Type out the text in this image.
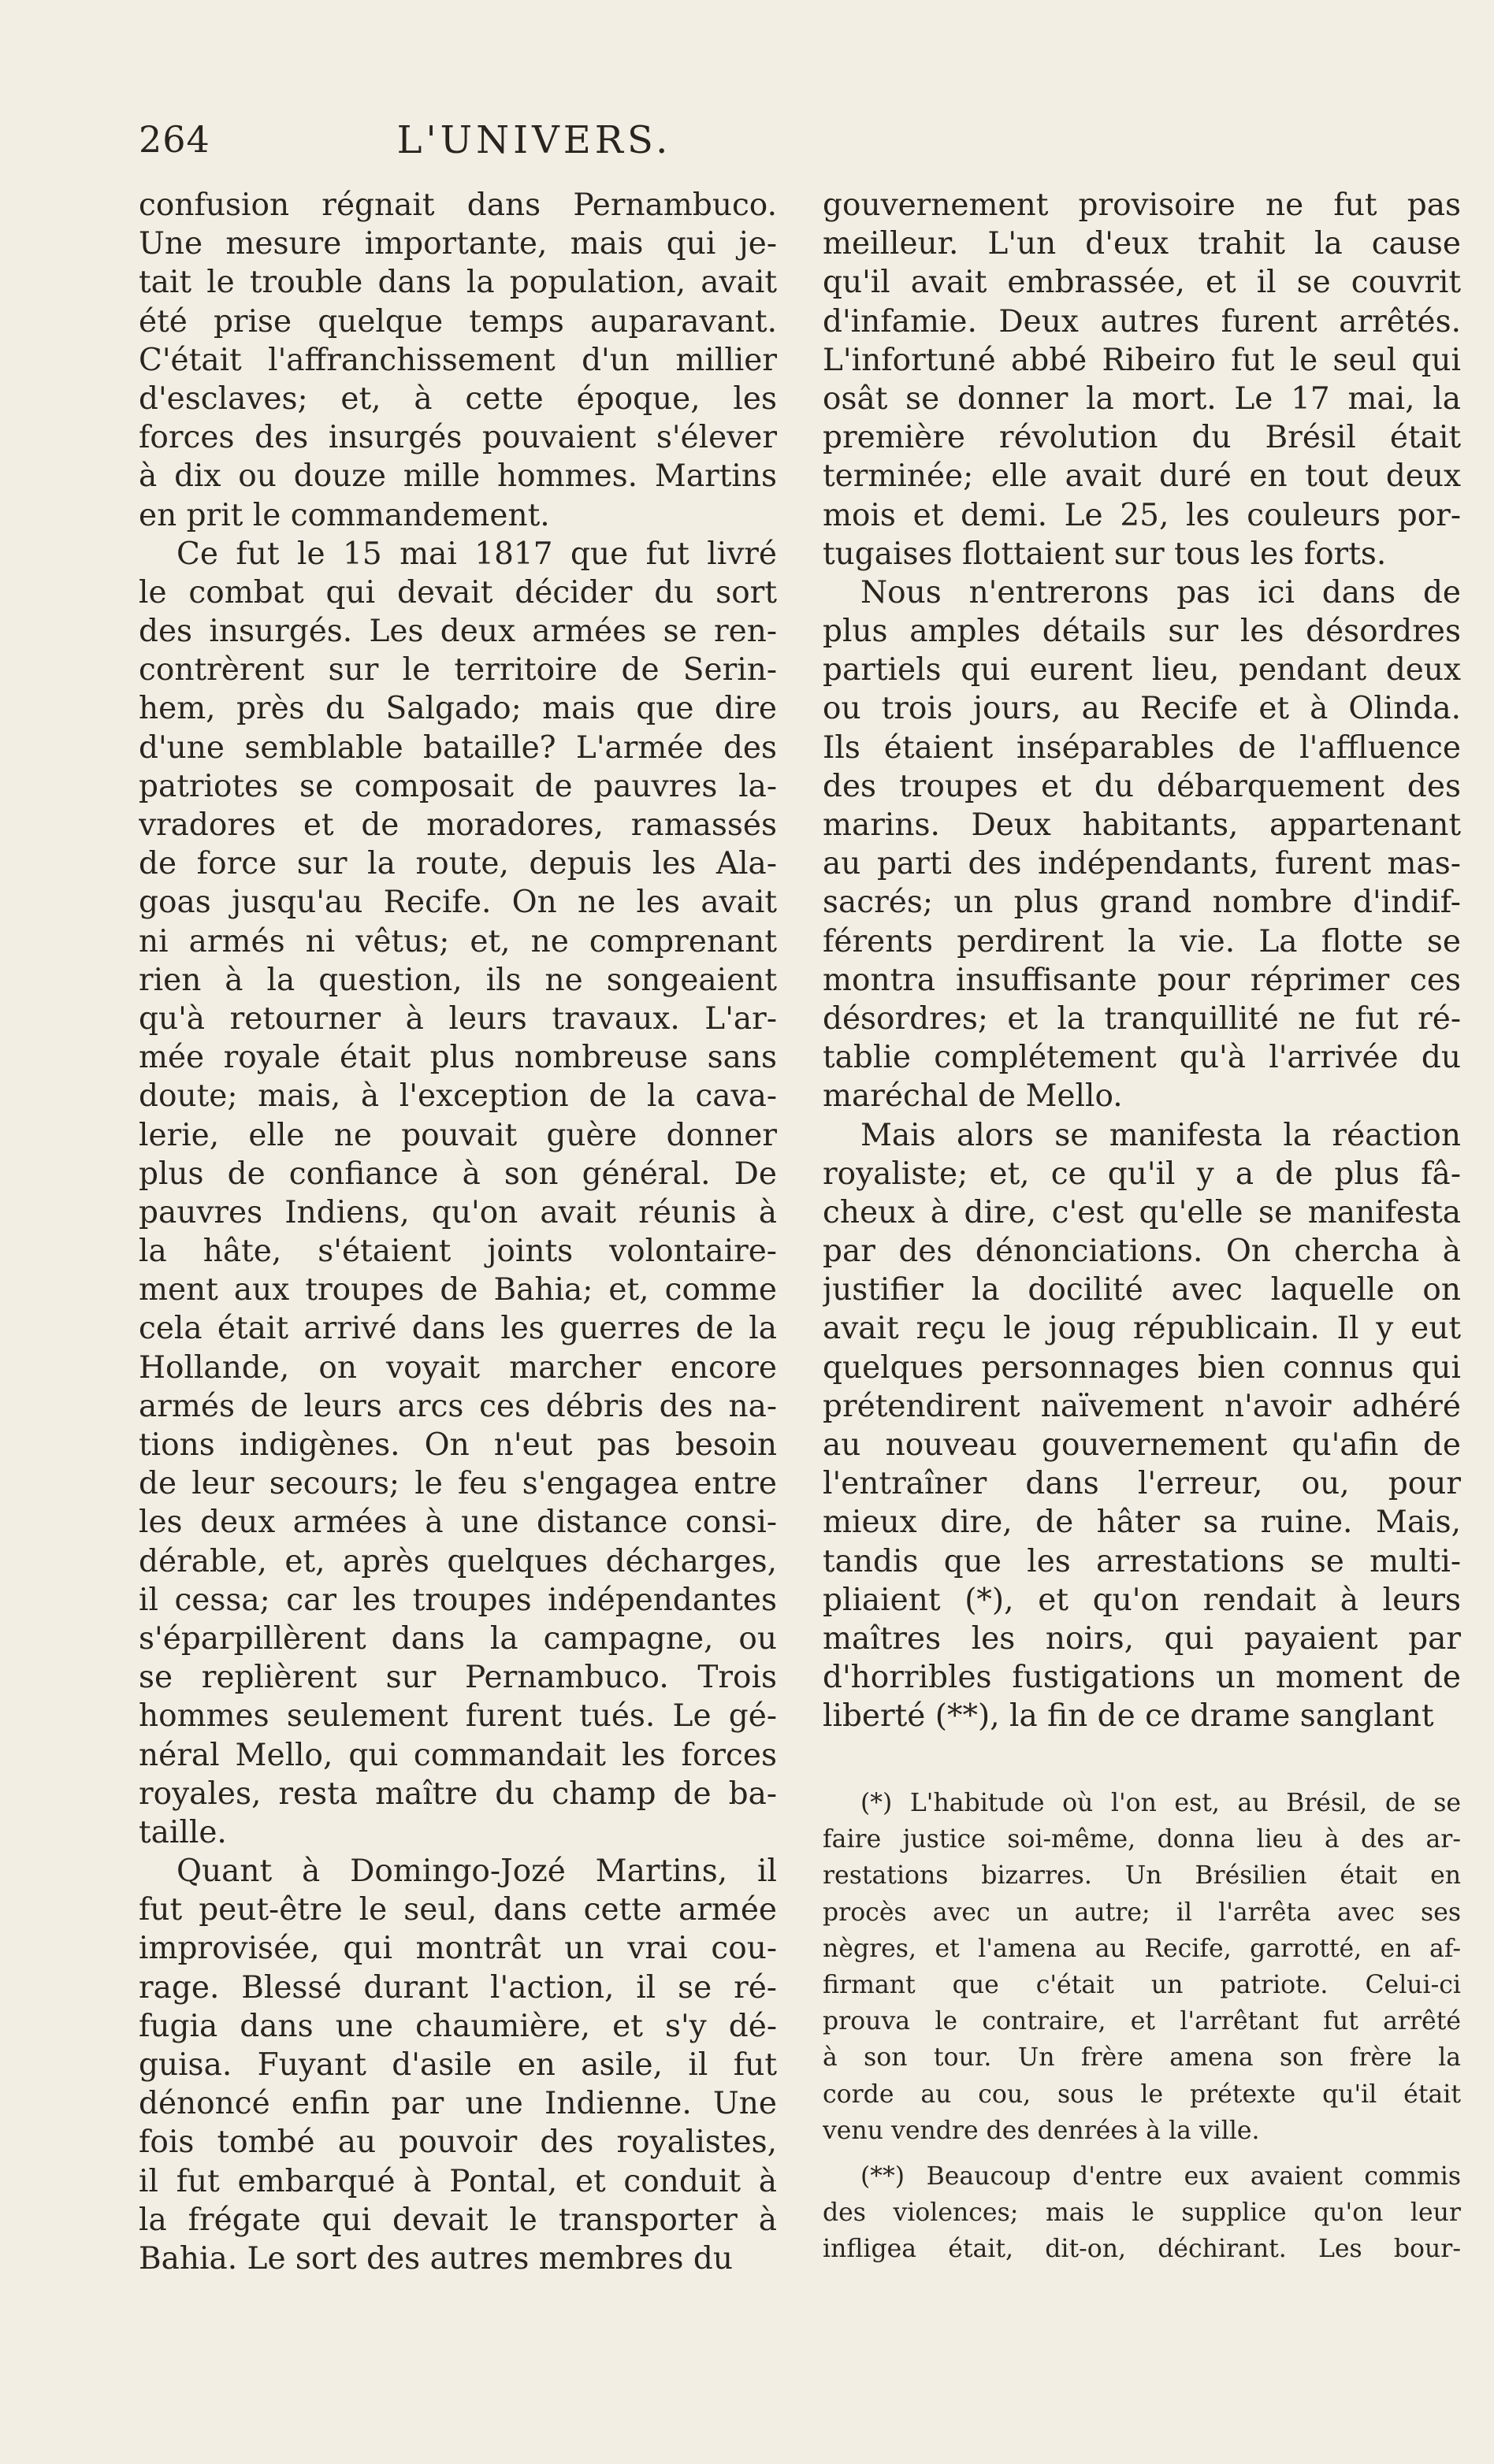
264	L'UNIVERS.
confusion régnait dans Pernambuco.
Une mesure importante, mais qui je-
tait le trouble dans la population, avait
été prise quelque temps auparavant.
C'était l'affranchissement d'un millier
d'esclaves; et, à cette époque, les
forces des insurgés pouvaient s'élever
à dix ou douze mille hommes. Martins
en prit le commandement.
Ce fut le 15 mai 1817 que fut livré
le combat qui devait décider du sort
des insurgés. Les deux armées se ren-
contrèrent sur le territoire de Serin-
hem, près du Salgado; mais que dire
d'une semblable bataille? L'armée des
patriotes se composait de pauvres la-
vradores et de moradores, ramassés
de force sur la route, depuis les Ala-
goas jusqu'au Recife. On ne les avait
ni armés ni vêtus; et, ne comprenant
rien à la question, ils ne songeaient
qu'à retourner à leurs travaux. L'ar-
mée royale était plus nombreuse sans
doute; mais, à l'exception de la cava-
lerie, elle ne pouvait guère donner
plus de confiance à son général. De
pauvres Indiens, qu'on avait réunis à
la hâte, s'étaient joints volontaire-
ment aux troupes de Bahia; et, comme
cela était arrivé dans les guerres de la
Hollande, on voyait marcher encore
armés de leurs arcs ces débris des na-
tions indigènes. On n'eut pas besoin
de leur secours; le feu s'engagea entre
les deux armées à une distance consi-
dérable, et, après quelques décharges,
il cessa; car les troupes indépendantes
s'éparpillèrent dans la campagne, ou
se replièrent sur Pernambuco. Trois
hommes seulement furent tués. Le gé-
néral Mello, qui commandait les forces
royales, resta maître du champ de ba-
taille.
Quant à Domingo-Jozé Martins, il
fut peut-être le seul, dans cette armée
improvisée, qui montrât un vrai cou-
rage. Blessé durant l'action, il se ré-
fugia dans une chaumière, et s'y dé-
guisa. Fuyant d'asile en asile, il fut
dénoncé enfin par une Indienne. Une
fois tombé au pouvoir des royalistes,
il fut embarqué à Pontal, et conduit à
la frégate qui devait le transporter à
Bahia. Le sort des autres membres du
gouvernement provisoire ne fut pas
meilleur. L'un d'eux trahit la cause
qu'il avait embrassée, et il se couvrit
d'infamie. Deux autres furent arrêtés.
L'infortuné abbé Ribeiro fut le seul qui
osât se donner la mort. Le 17 mai, la
première révolution du Brésil était
terminée; elle avait duré en tout deux
mois et demi. Le 25, les couleurs por-
tugaises flottaient sur tous les forts.
Nous n'entrerons pas ici dans de
plus amples détails sur les désordres
partiels qui eurent lieu, pendant deux
ou trois jours, au Recife et à Olinda.
Ils étaient inséparables de l'affluence
des troupes et du débarquement des
marins. Deux habitants, appartenant
au parti des indépendants, furent mas-
sacrés; un plus grand nombre d'indif-
férents perdirent la vie. La flotte se
montra insuffisante pour réprimer ces
désordres; et la tranquillité ne fut ré-
tablie complétement qu'à l'arrivée du
maréchal de Mello.
Mais alors se manifesta la réaction
royaliste; et, ce qu'il y a de plus fâ-
cheux à dire, c'est qu'elle se manifesta
par des dénonciations. On chercha à
justifier la docilité avec laquelle on
avait reçu le joug républicain. Il y eut
quelques personnages bien connus qui
prétendirent naïvement n'avoir adhéré
au nouveau gouvernement qu'afin de
l'entraîner dans l'erreur, ou, pour
mieux dire, de hâter sa ruine. Mais,
tandis que les arrestations se multi-
pliaient (*), et qu'on rendait à leurs
maîtres les noirs, qui payaient par
d'horribles fustigations un moment de
liberté (**), la fin de ce drame sanglant
(*) L'habitude où l'on est, au Brésil, de se
faire justice soi-même, donna lieu à des ar-
restations bizarres. Un Brésilien était en
procès avec un autre; il l'arrêta avec ses
nègres, et l'amena au Recife, garrotté, en af-
firmant que c'était un patriote. Celui-ci
prouva le contraire, et l'arrêtant fut arrêté
à son tour. Un frère amena son frère la
corde au cou, sous le prétexte qu'il était
venu vendre des denrées à la ville.
(**) Beaucoup d'entre eux avaient commis
des violences; mais le supplice qu'on leur
infligea était, dit-on, déchirant. Les bour-
